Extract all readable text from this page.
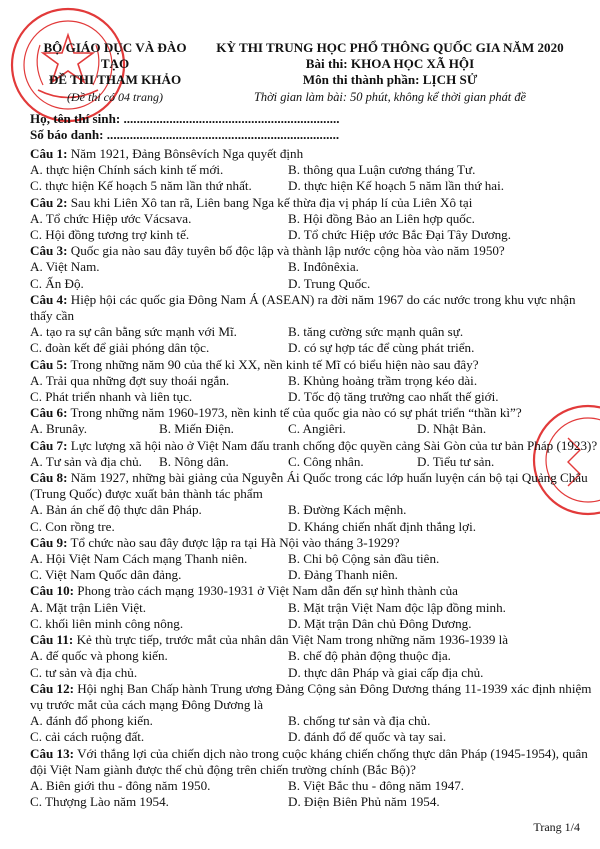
BỘ GIÁO DỤC VÀ ĐÀO TẠO
ĐỀ THI THAM KHẢO
(Đề thi có 04 trang)
KỲ THI TRUNG HỌC PHỔ THÔNG QUỐC GIA NĂM 2020
Bài thi: KHOA HỌC XÃ HỘI
Môn thi thành phần: LỊCH SỬ
Thời gian làm bài: 50 phút, không kể thời gian phát đề
Họ, tên thí sinh: ..................................................................
Số báo danh: .......................................................................
Câu 1: Năm 1921, Đảng Bônsêvích Nga quyết định
A. thực hiện Chính sách kinh tế mới.	B. thông qua Luận cương tháng Tư.
C. thực hiện Kế hoạch 5 năm lần thứ nhất.	D. thực hiện Kế hoạch 5 năm lần thứ hai.
Câu 2: Sau khi Liên Xô tan rã, Liên bang Nga kế thừa địa vị pháp lí của Liên Xô tại
A. Tổ chức Hiệp ước Vácsava.	B. Hội đồng Bảo an Liên hợp quốc.
C. Hội đồng tương trợ kinh tế.	D. Tổ chức Hiệp ước Bắc Đại Tây Dương.
Câu 3: Quốc gia nào sau đây tuyên bố độc lập và thành lập nước cộng hòa vào năm 1950?
A. Việt Nam.	B. Inđônêxia.
C. Ấn Độ.	D. Trung Quốc.
Câu 4: Hiệp hội các quốc gia Đông Nam Á (ASEAN) ra đời năm 1967 do các nước trong khu vực nhận thấy cần
A. tạo ra sự cân bằng sức mạnh với Mĩ.	B. tăng cường sức mạnh quân sự.
C. đoàn kết để giải phóng dân tộc.	D. có sự hợp tác để cùng phát triển.
Câu 5: Trong những năm 90 của thế kỉ XX, nền kinh tế Mĩ có biểu hiện nào sau đây?
A. Trải qua những đợt suy thoái ngắn.	B. Khủng hoảng trầm trọng kéo dài.
C. Phát triển nhanh và liên tục.	D. Tốc độ tăng trưởng cao nhất thế giới.
Câu 6: Trong những năm 1960-1973, nền kinh tế của quốc gia nào có sự phát triển “thần kì”?
A. Brunây.	B. Miến Điện.	C. Angiêri.	D. Nhật Bản.
Câu 7: Lực lượng xã hội nào ở Việt Nam đấu tranh chống độc quyền cảng Sài Gòn của tư bản Pháp (1923)?
A. Tư sản và địa chủ.	B. Nông dân.	C. Công nhân.	D. Tiểu tư sản.
Câu 8: Năm 1927, những bài giảng của Nguyễn Ái Quốc trong các lớp huấn luyện cán bộ tại Quảng Châu (Trung Quốc) được xuất bản thành tác phẩm
A. Bản án chế độ thực dân Pháp.	B. Đường Kách mệnh.
C. Con rồng tre.	D. Kháng chiến nhất định thắng lợi.
Câu 9: Tổ chức nào sau đây được lập ra tại Hà Nội vào tháng 3-1929?
A. Hội Việt Nam Cách mạng Thanh niên.	B. Chi bộ Cộng sản đầu tiên.
C. Việt Nam Quốc dân đảng.	D. Đảng Thanh niên.
Câu 10: Phong trào cách mạng 1930-1931 ở Việt Nam dẫn đến sự hình thành của
A. Mặt trận Liên Việt.	B. Mặt trận Việt Nam độc lập đồng minh.
C. khối liên minh công nông.	D. Mặt trận Dân chủ Đông Dương.
Câu 11: Kẻ thù trực tiếp, trước mắt của nhân dân Việt Nam trong những năm 1936-1939 là
A. đế quốc và phong kiến.	B. chế độ phản động thuộc địa.
C. tư sản và địa chủ.	D. thực dân Pháp và giai cấp địa chủ.
Câu 12: Hội nghị Ban Chấp hành Trung ương Đảng Cộng sản Đông Dương tháng 11-1939 xác định nhiệm vụ trước mắt của cách mạng Đông Dương là
A. đánh đổ phong kiến.	B. chống tư sản và địa chủ.
C. cải cách ruộng đất.	D. đánh đổ đế quốc và tay sai.
Câu 13: Với thắng lợi của chiến dịch nào trong cuộc kháng chiến chống thực dân Pháp (1945-1954), quân đội Việt Nam giành được thế chủ động trên chiến trường chính (Bắc Bộ)?
A. Biên giới thu - đông năm 1950.	B. Việt Bắc thu - đông năm 1947.
C. Thượng Lào năm 1954.	D. Điện Biên Phủ năm 1954.
Trang 1/4
